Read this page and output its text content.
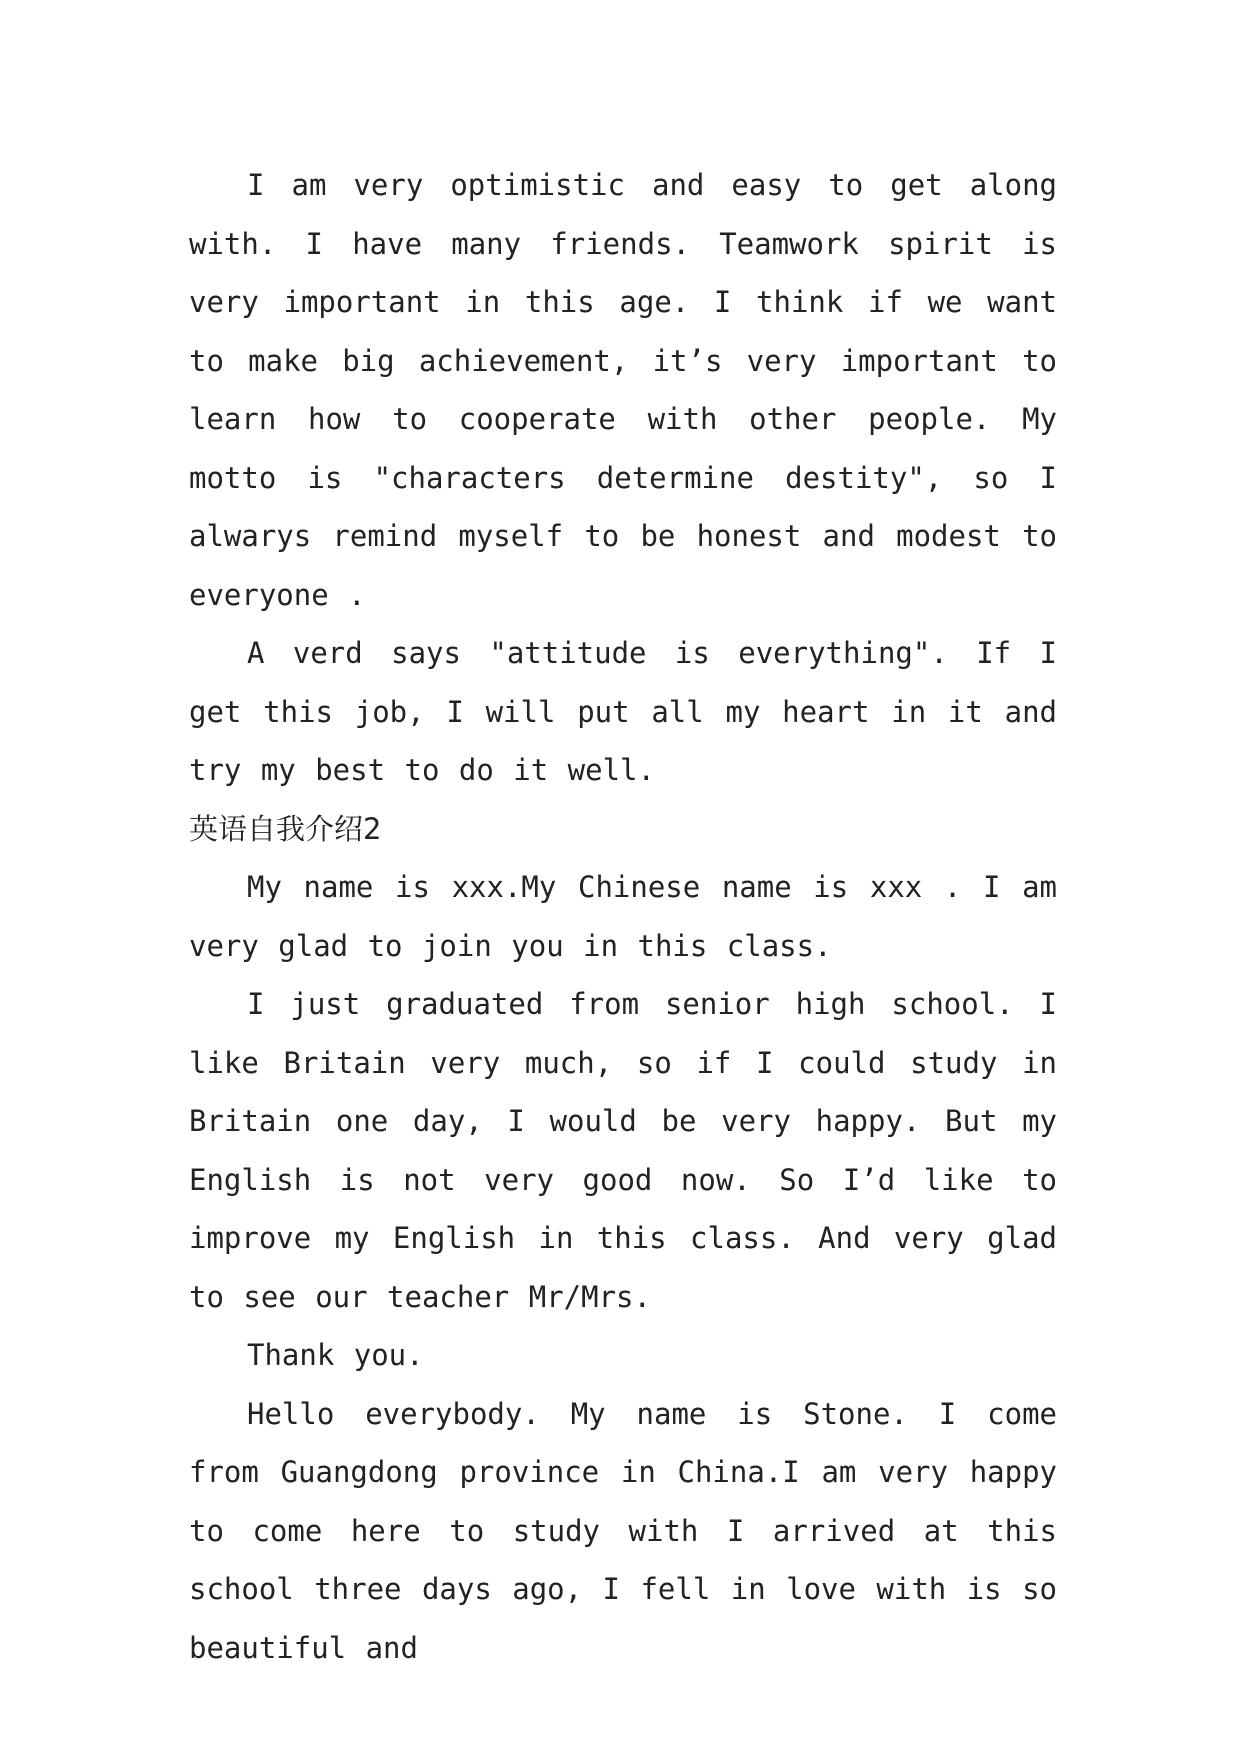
I am very optimistic and easy to get along with. I have many friends. Teamwork spirit is very important in this age. I think if we want to make big achievement, it’s very important to learn how to cooperate with other people. My motto is "characters determine destity", so I alwarys remind myself to be honest and modest to everyone .

A verd says "attitude is everything". If I get this job, I will put all my heart in it and try my best to do it well.

英语自我介绍2

My name is xxx.My Chinese name is xxx . I am very glad to join you in this class.

I just graduated from senior high school. I like Britain very much, so if I could study in Britain one day, I would be very happy. But my English is not very good now. So I’d like to improve my English in this class. And very glad to see our teacher Mr/Mrs.

Thank you.

Hello everybody. My name is Stone. I come from Guangdong province in China.I am very happy to come here to study with I arrived at this school three days ago, I fell in love with is so beautiful and
